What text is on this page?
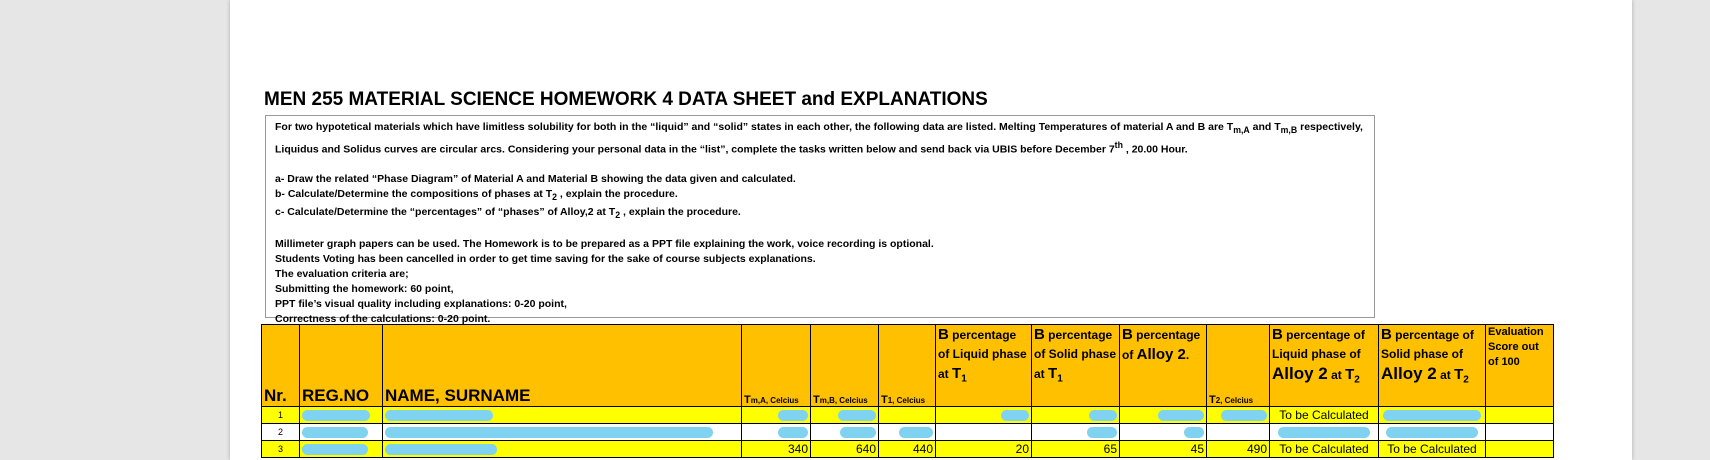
MEN 255 MATERIAL SCIENCE HOMEWORK 4 DATA SHEET and EXPLANATIONS

For two hypotetical materials which have limitless solubility for both in the “liquid” and “solid” states in each other, the following data are listed. Melting Temperatures of material A and B are $T_{m,A}$ and $T_{m,B}$ respectively,

Liquidus and Solidus curves are circular arcs. Considering your personal data in the “list”, complete the tasks written below and send back via UBIS before December 7th , 20.00 Hour.

a- Draw the related “Phase Diagram” of Material A and Material B showing the data given and calculated.

b- Calculate/Determine the compositions of phases at $T_2$ , explain the procedure.

c- Calculate/Determine the “percentages” of “phases” of Alloy,2 at $T_2$ , explain the procedure.

Millimeter graph papers can be used. The Homework is to be prepared as a PPT file explaining the work, voice recording is optional.

Students Voting has been cancelled in order to get time saving for the sake of course subjects explanations.

The evaluation criteria are;

Submitting the homework: 60 point,

PPT file’s visual quality including explanations: 0-20 point,

Correctness of the calculations: 0-20 point.

Nr.	REG.NO	NAME, SURNAME	Tm,A, Celcius	Tm,B, Celcius	T1, Celcius	B percentage of Liquid phase at $T_1$	B percentage of Solid phase at $T_1$	B percentage of Alloy 2.	T2, Celcius	B percentage of Liquid phase of Alloy 2 at $T_2$	B percentage of Solid phase of Alloy 2 at $T_2$	Evaluation Score out of 100
1										To be Calculated		
2												
3			340	640	440	20	65	45	490	To be Calculated	To be Calculated	
